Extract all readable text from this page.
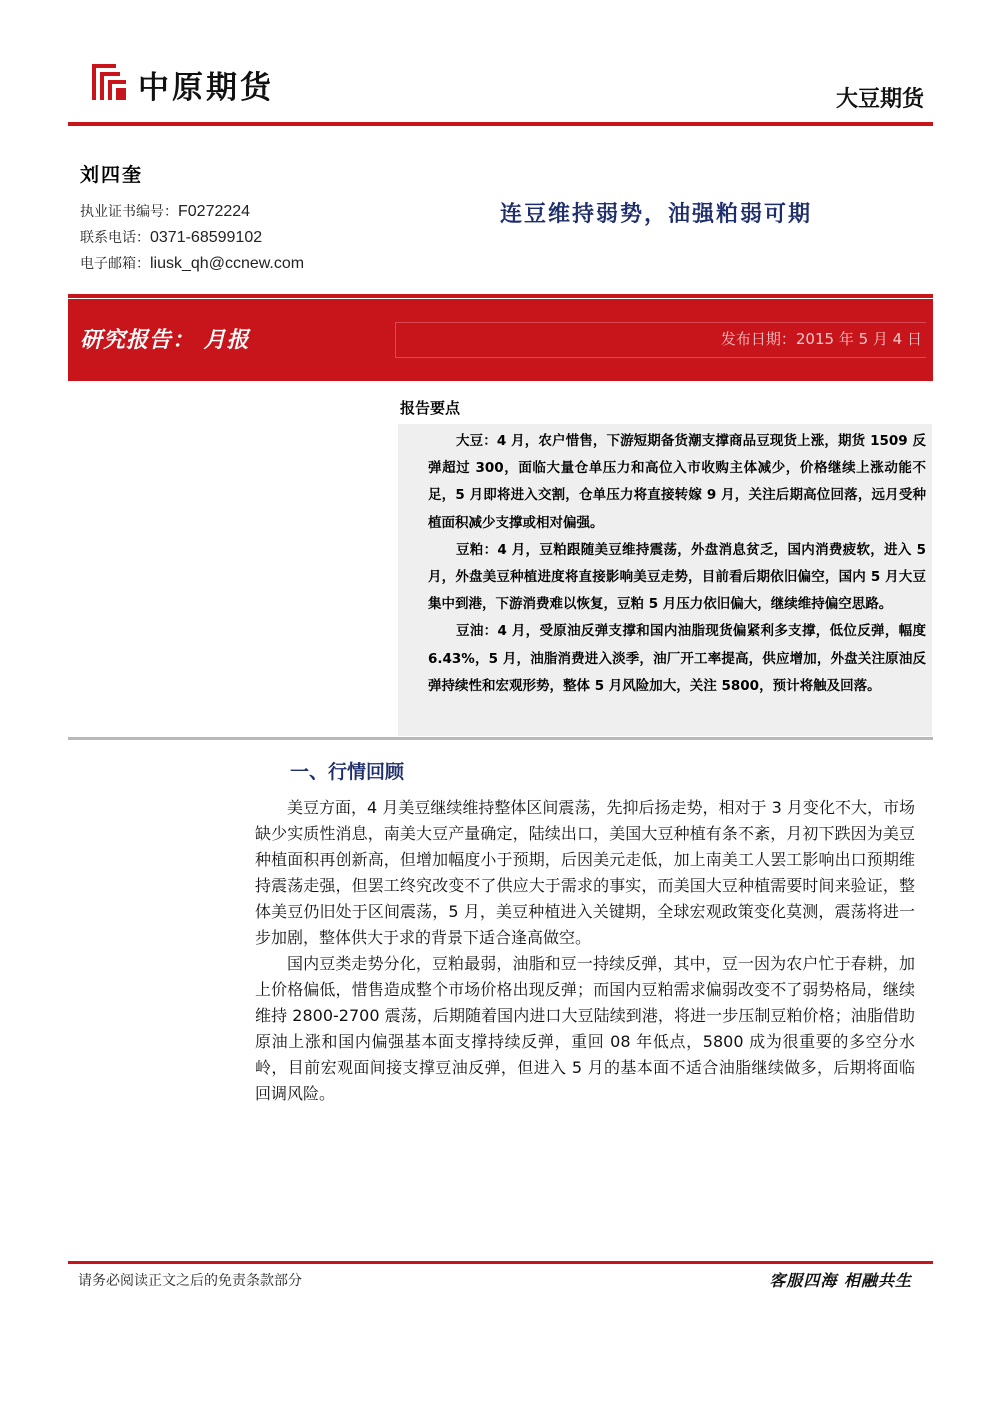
中原期货	大豆期货
刘四奎
执业证书编号：F0272224
联系电话：0371-68599102
电子邮箱：liusk_qh@ccnew.com
连豆维持弱势，油强粕弱可期
研究报告： 月报	发布日期：2015 年 5 月 4 日
报告要点

大豆：4 月，农户惜售，下游短期备货潮支撑商品豆现货上涨，期货 1509 反弹超过 300，面临大量仓单压力和高位入市收购主体减少，价格继续上涨动能不足，5 月即将进入交割，仓单压力将直接转嫁 9 月，关注后期高位回落，远月受种植面积减少支撑或相对偏强。

豆粕：4 月，豆粕跟随美豆维持震荡，外盘消息贫乏，国内消费疲软，进入 5 月，外盘美豆种植进度将直接影响美豆走势，目前看后期依旧偏空，国内 5 月大豆集中到港，下游消费难以恢复，豆粕 5 月压力依旧偏大，继续维持偏空思路。

豆油：4 月，受原油反弹支撑和国内油脂现货偏紧利多支撑，低位反弹，幅度 6.43%，5 月，油脂消费进入淡季，油厂开工率提高，供应增加，外盘关注原油反弹持续性和宏观形势，整体 5 月风险加大，关注 5800，预计将触及回落。

一、行情回顾

美豆方面，4 月美豆继续维持整体区间震荡，先抑后扬走势，相对于 3 月变化不大，市场缺少实质性消息，南美大豆产量确定，陆续出口，美国大豆种植有条不紊，月初下跌因为美豆种植面积再创新高，但增加幅度小于预期，后因美元走低，加上南美工人罢工影响出口预期维持震荡走强，但罢工终究改变不了供应大于需求的事实，而美国大豆种植需要时间来验证，整体美豆仍旧处于区间震荡，5 月，美豆种植进入关键期，全球宏观政策变化莫测，震荡将进一步加剧，整体供大于求的背景下适合逢高做空。

国内豆类走势分化，豆粕最弱，油脂和豆一持续反弹，其中，豆一因为农户忙于春耕，加上价格偏低，惜售造成整个市场价格出现反弹；而国内豆粕需求偏弱改变不了弱势格局，继续维持 2800-2700 震荡，后期随着国内进口大豆陆续到港，将进一步压制豆粕价格；油脂借助原油上涨和国内偏强基本面支撑持续反弹，重回 08 年低点，5800 成为很重要的多空分水岭，目前宏观面间接支撑豆油反弹，但进入 5 月的基本面不适合油脂继续做多，后期将面临回调风险。

请务必阅读正文之后的免责条款部分	客服四海 相融共生
